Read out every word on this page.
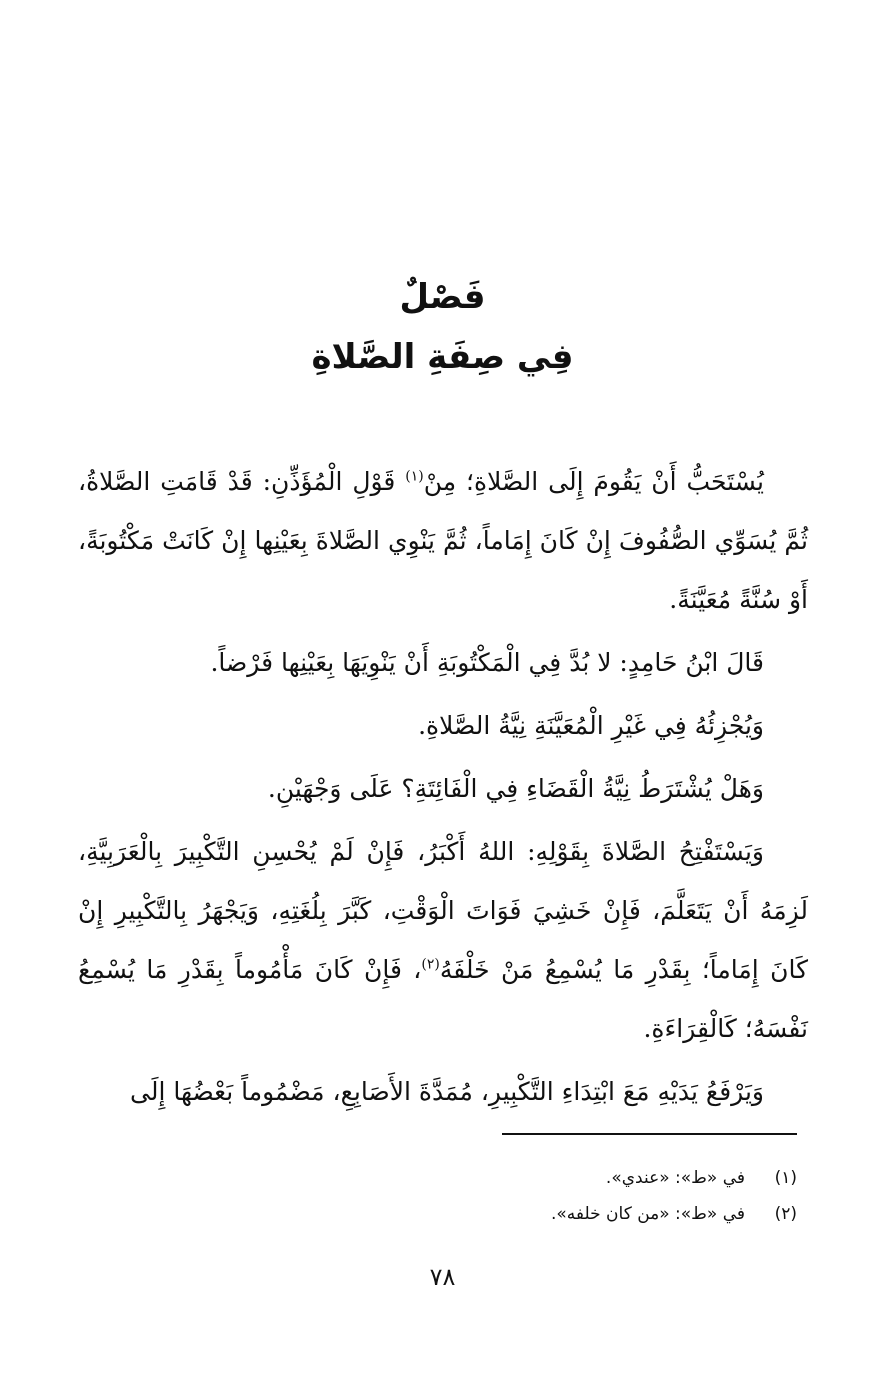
فَصْلٌ
فِي صِفَةِ الصَّلاةِ

يُسْتَحَبُّ أَنْ يَقُومَ إِلَى الصَّلاةِ؛ مِنْ$^{(١)}$ قَوْلِ الْمُؤَذِّنِ: قَدْ قَامَتِ الصَّلاةُ، ثُمَّ يُسَوِّي الصُّفُوفَ إِنْ كَانَ إِمَاماً، ثُمَّ يَنْوِي الصَّلاةَ بِعَيْنِها إِنْ كَانَتْ مَكْتُوبَةً، أَوْ سُنَّةً مُعَيَّنَةً.

قَالَ ابْنُ حَامِدٍ: لا بُدَّ فِي الْمَكْتُوبَةِ أَنْ يَنْوِيَهَا بِعَيْنِها فَرْضاً.

وَيُجْزِئُهُ فِي غَيْرِ الْمُعَيَّنَةِ نِيَّةُ الصَّلاةِ.

وَهَلْ يُشْتَرَطُ نِيَّةُ الْقَضَاءِ فِي الْفَائِتَةِ؟ عَلَى وَجْهَيْنِ.

وَيَسْتَفْتِحُ الصَّلاةَ بِقَوْلِهِ: اللهُ أَكْبَرُ، فَإِنْ لَمْ يُحْسِنِ التَّكْبِيرَ بِالْعَرَبِيَّةِ، لَزِمَهُ أَنْ يَتَعَلَّمَ، فَإِنْ خَشِيَ فَوَاتَ الْوَقْتِ، كَبَّرَ بِلُغَتِهِ، وَيَجْهَرُ بِالتَّكْبِيرِ إِنْ كَانَ إِمَاماً؛ بِقَدْرِ مَا يُسْمِعُ مَنْ خَلْفَهُ$^{(٢)}$، فَإِنْ كَانَ مَأْمُوماً بِقَدْرِ مَا يُسْمِعُ نَفْسَهُ؛ كَالْقِرَاءَةِ.

وَيَرْفَعُ يَدَيْهِ مَعَ ابْتِدَاءِ التَّكْبِيرِ، مُمَدَّةَ الأَصَابِعِ، مَضْمُوماً بَعْضُهَا إِلَى

(١)
في «ط»: «عندي».
(٢)
في «ط»: «من كان خلفه».
٧٨
